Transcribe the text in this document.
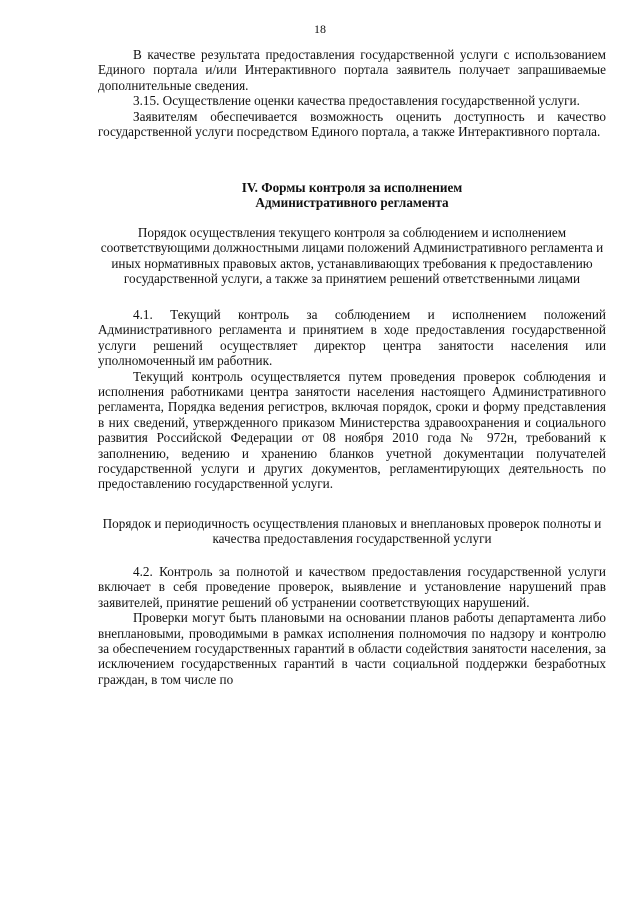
18

В качестве результата предоставления государственной услуги с использованием Единого портала и/или Интерактивного портала заявитель получает запрашиваемые дополнительные сведения.

3.15. Осуществление оценки качества предоставления государственной услуги.

Заявителям обеспечивается возможность оценить доступность и качество государственной услуги посредством Единого портала, а также Интерактивного портала.

IV. Формы контроля за исполнением

Административного регламента

Порядок осуществления текущего контроля за соблюдением и исполнением соответствующими должностными лицами положений Административного регламента и иных нормативных правовых актов, устанавливающих требования к предоставлению государственной услуги, а также за принятием решений ответственными лицами

4.1. Текущий контроль за соблюдением и исполнением положений Административного регламента и принятием в ходе предоставления государственной услуги решений осуществляет директор центра занятости населения или уполномоченный им работник.

Текущий контроль осуществляется путем проведения проверок соблюдения и исполнения работниками центра занятости населения настоящего Административного регламента, Порядка ведения регистров, включая порядок, сроки и форму представления в них сведений, утвержденного приказом Министерства здравоохранения и социального развития Российской Федерации от 08 ноября 2010 года № 972н, требований к заполнению, ведению и хранению бланков учетной документации получателей государственной услуги и других документов, регламентирующих деятельность по предоставлению государственной услуги.

Порядок и периодичность осуществления плановых и внеплановых проверок полноты и качества предоставления государственной услуги

4.2. Контроль за полнотой и качеством предоставления государственной услуги включает в себя проведение проверок, выявление и установление нарушений прав заявителей, принятие решений об устранении соответствующих нарушений.

Проверки могут быть плановыми на основании планов работы департамента либо внеплановыми, проводимыми в рамках исполнения полномочия по надзору и контролю за обеспечением государственных гарантий в области содействия занятости населения, за исключением государственных гарантий в части социальной поддержки безработных граждан, в том числе по
